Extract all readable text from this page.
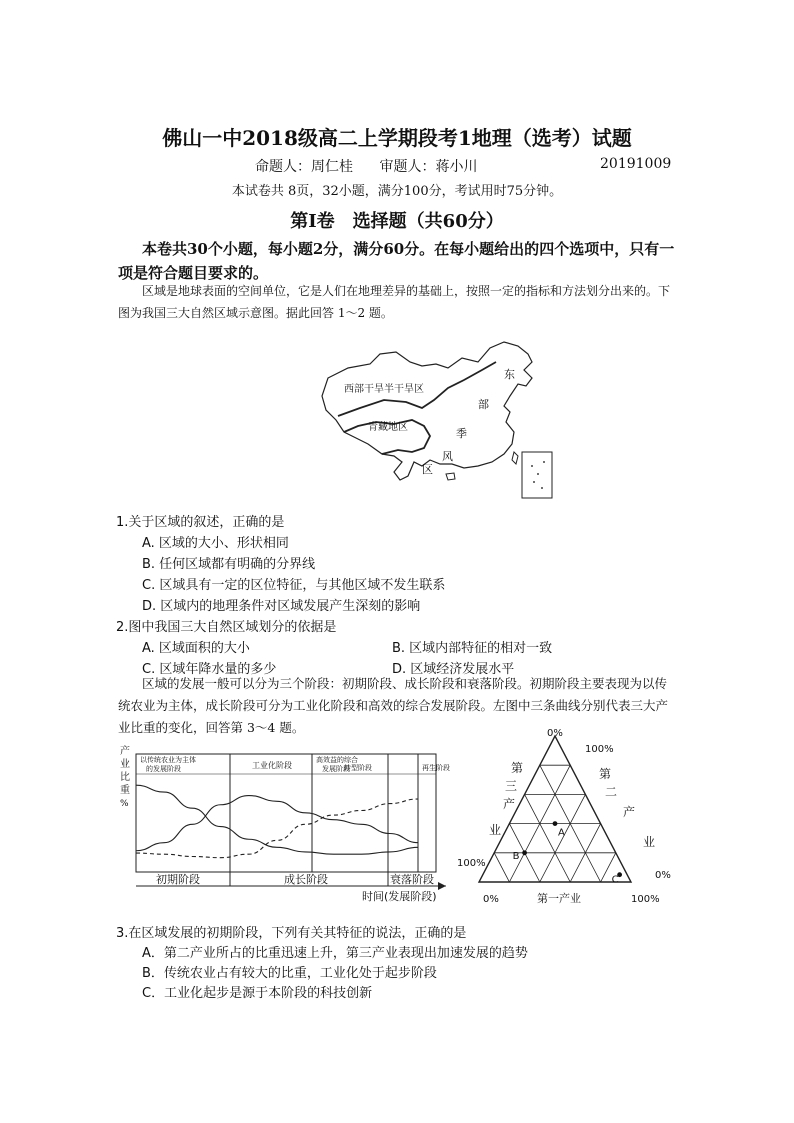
佛山一中2018级高二上学期段考1地理（选考）试题
命题人：周仁桂 审题人：蒋小川	20191009
本试卷共 8页，32小题，满分100分，考试用时75分钟。
第Ⅰ卷　选择题（共60分）
本卷共30个小题，每小题2分，满分60分。在每小题给出的四个选项中，只有一项是符合题目要求的。
区域是地球表面的空间单位，它是人们在地理差异的基础上，按照一定的指标和方法划分出来的。下图为我国三大自然区域示意图。据此回答 1～2 题。
西部干旱半干旱区
青藏地区
东
部
季
风
区
1.关于区域的叙述，正确的是
A. 区域的大小、形状相同
B. 任何区域都有明确的分界线
C. 区域具有一定的区位特征，与其他区域不发生联系
D. 区域内的地理条件对区域发展产生深刻的影响
2.图中我国三大自然区域划分的依据是
A. 区域面积的大小	B. 区域内部特征的相对一致
C. 区域年降水量的多少	D. 区域经济发展水平
区域的发展一般可以分为三个阶段：初期阶段、成长阶段和衰落阶段。初期阶段主要表现为以传统农业为主体，成长阶段可分为工业化阶段和高效的综合发展阶段。左图中三条曲线分别代表三大产业比重的变化，回答第 3～4 题。
产
业
比
重
%
以传统农业为主体
的发展阶段	工业化阶段
高效益的综合
发展阶段
转型阶段	再生阶段
初期阶段	成长阶段	衰落阶段
时间(发展阶段)
A
B
C
0%
100%
100%
0%	100%
0%
第一产业
第
三
产
业
第
二
产
业
3.在区域发展的初期阶段，下列有关其特征的说法，正确的是
A．第二产业所占的比重迅速上升，第三产业表现出加速发展的趋势
B．传统农业占有较大的比重，工业化处于起步阶段
C．工业化起步是源于本阶段的科技创新
